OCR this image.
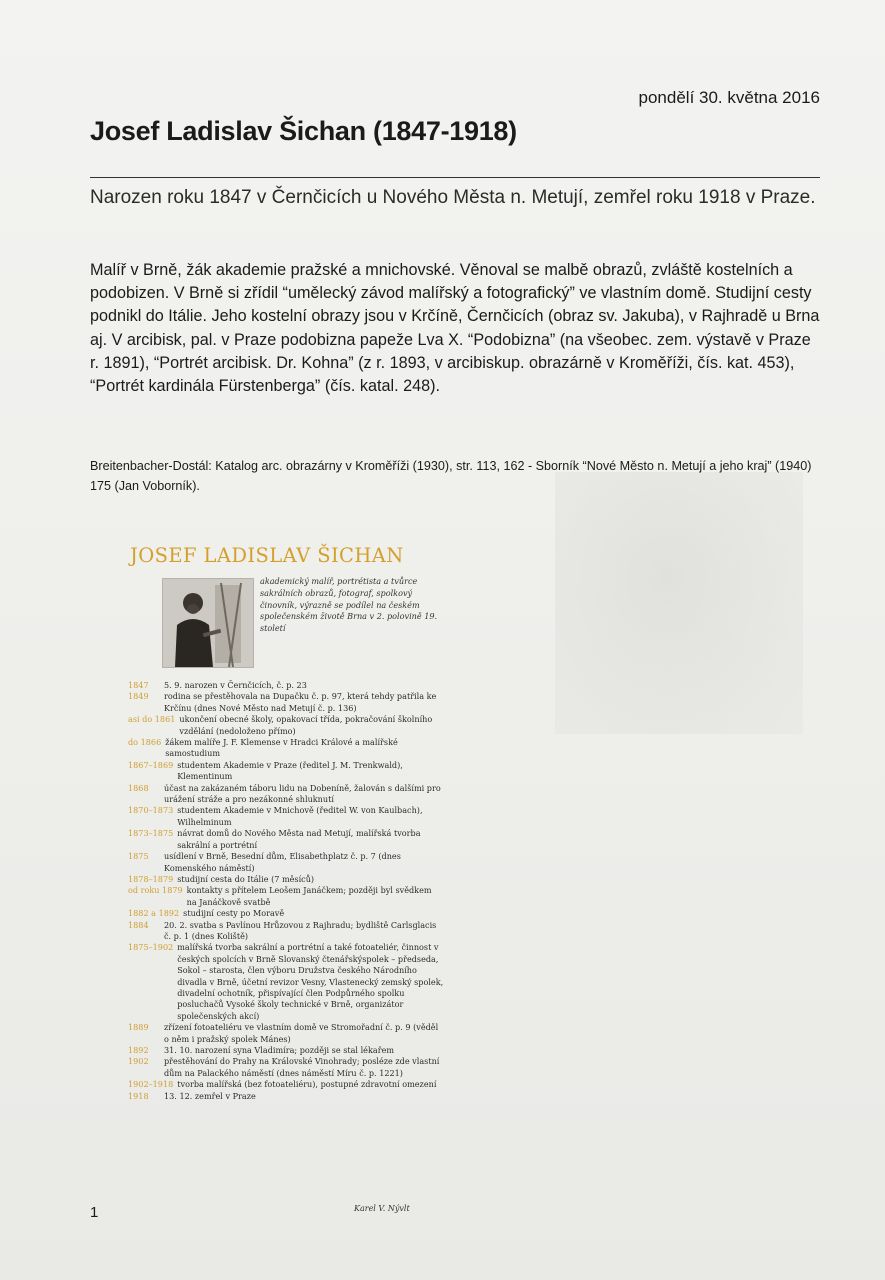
pondělí 30. května 2016
Josef Ladislav Šichan (1847-1918)

Narozen roku 1847 v Černčicích u Nového Města n. Metují, zemřel roku 1918 v Praze.

Malíř v Brně, žák akademie pražské a mnichovské. Věnoval se malbě obrazů, zvláště kostelních a podobizen. V Brně si zřídil “umělecký závod malířský a fotografický” ve vlastním domě. Studijní cesty podnikl do Itálie. Jeho kostelní obrazy jsou v Krčíně, Černčicích (obraz sv. Jakuba), v Rajhradě u Brna aj. V arcibisk, pal. v Praze podobizna papeže Lva X. “Podobizna” (na všeobec. zem. výstavě v Praze r. 1891), “Portrét arcibisk. Dr. Kohna” (z r. 1893, v arcibiskup. obrazárně v Kroměříži, čís. kat. 453), “Portrét kardinála Fürstenberga” (čís. katal. 248).

Breitenbacher-Dostál: Katalog arc. obrazárny v Kroměříži (1930), str. 113, 162 - Sborník “Nové Město n. Metují a jeho kraj” (1940) 175 (Jan Voborník).

JOSEF LADISLAV ŠICHAN

akademický malíř, portrétista a tvůrce sakrálních obrazů, fotograf, spolkový činovník, výrazně se podílel na českém společenském životě Brna v 2. polovině 19. století

1847	5. 9. narozen v Černčicích, č. p. 23
1849	rodina se přestěhovala na Dupačku č. p. 97, která tehdy patřila ke Krčínu (dnes Nové Město nad Metují č. p. 136)
asi do 1861 ukončení obecné školy, opakovací třída, pokračování školního vzdělání (nedoloženo přímo)
do 1866 žákem malíře J. F. Klemense v Hradci Králové a malířské samostudium
1867–1869 studentem Akademie v Praze (ředitel J. M. Trenkwald), Klementinum
1868	účast na zakázaném táboru lidu na Dobeníně, žalován s dalšími pro urážení stráže a pro nezákonné shluknutí
1870–1873 studentem Akademie v Mnichově (ředitel W. von Kaulbach), Wilhelminum
1873–1875 návrat domů do Nového Města nad Metují, malířská tvorba sakrální a portrétní
1875	usídlení v Brně, Besední dům, Elisabethplatz č. p. 7 (dnes Komenského náměstí)
1878–1879 studijní cesta do Itálie (7 měsíců)
od roku 1879 kontakty s přítelem Leošem Janáčkem; později byl svědkem na Janáčkově svatbě
1882 a 1892 studijní cesty po Moravě
1884	20. 2. svatba s Pavlínou Hrůzovou z Rajhradu; bydliště Carlsglacis č. p. 1 (dnes Koliště)
1875–1902 malířská tvorba sakrální a portrétní a také fotoateliér, činnost v českých spolcích v Brně Slovanský čtenářskýspolek – předseda, Sokol – starosta, člen výboru Družstva českého Národního divadla v Brně, účetní revizor Vesny, Vlastenecký zemský spolek, divadelní ochotník, přispívající člen Podpůrného spolku posluchačů Vysoké školy technické v Brně, organizátor společenských akcí)
1889	zřízení fotoateliéru ve vlastním domě ve Stromořadní č. p. 9 (věděl o něm i pražský spolek Mánes)
1892	31. 10. narození syna Vladimíra; později se stal lékařem
1902	přestěhování do Prahy na Královské Vinohrady; posléze zde vlastní dům na Palackého náměstí (dnes náměstí Míru č. p. 1221)
1902–1918 tvorba malířská (bez fotoateliéru), postupné zdravotní omezení
1918	13. 12. zemřel v Praze
Karel V. Nývlt
1
